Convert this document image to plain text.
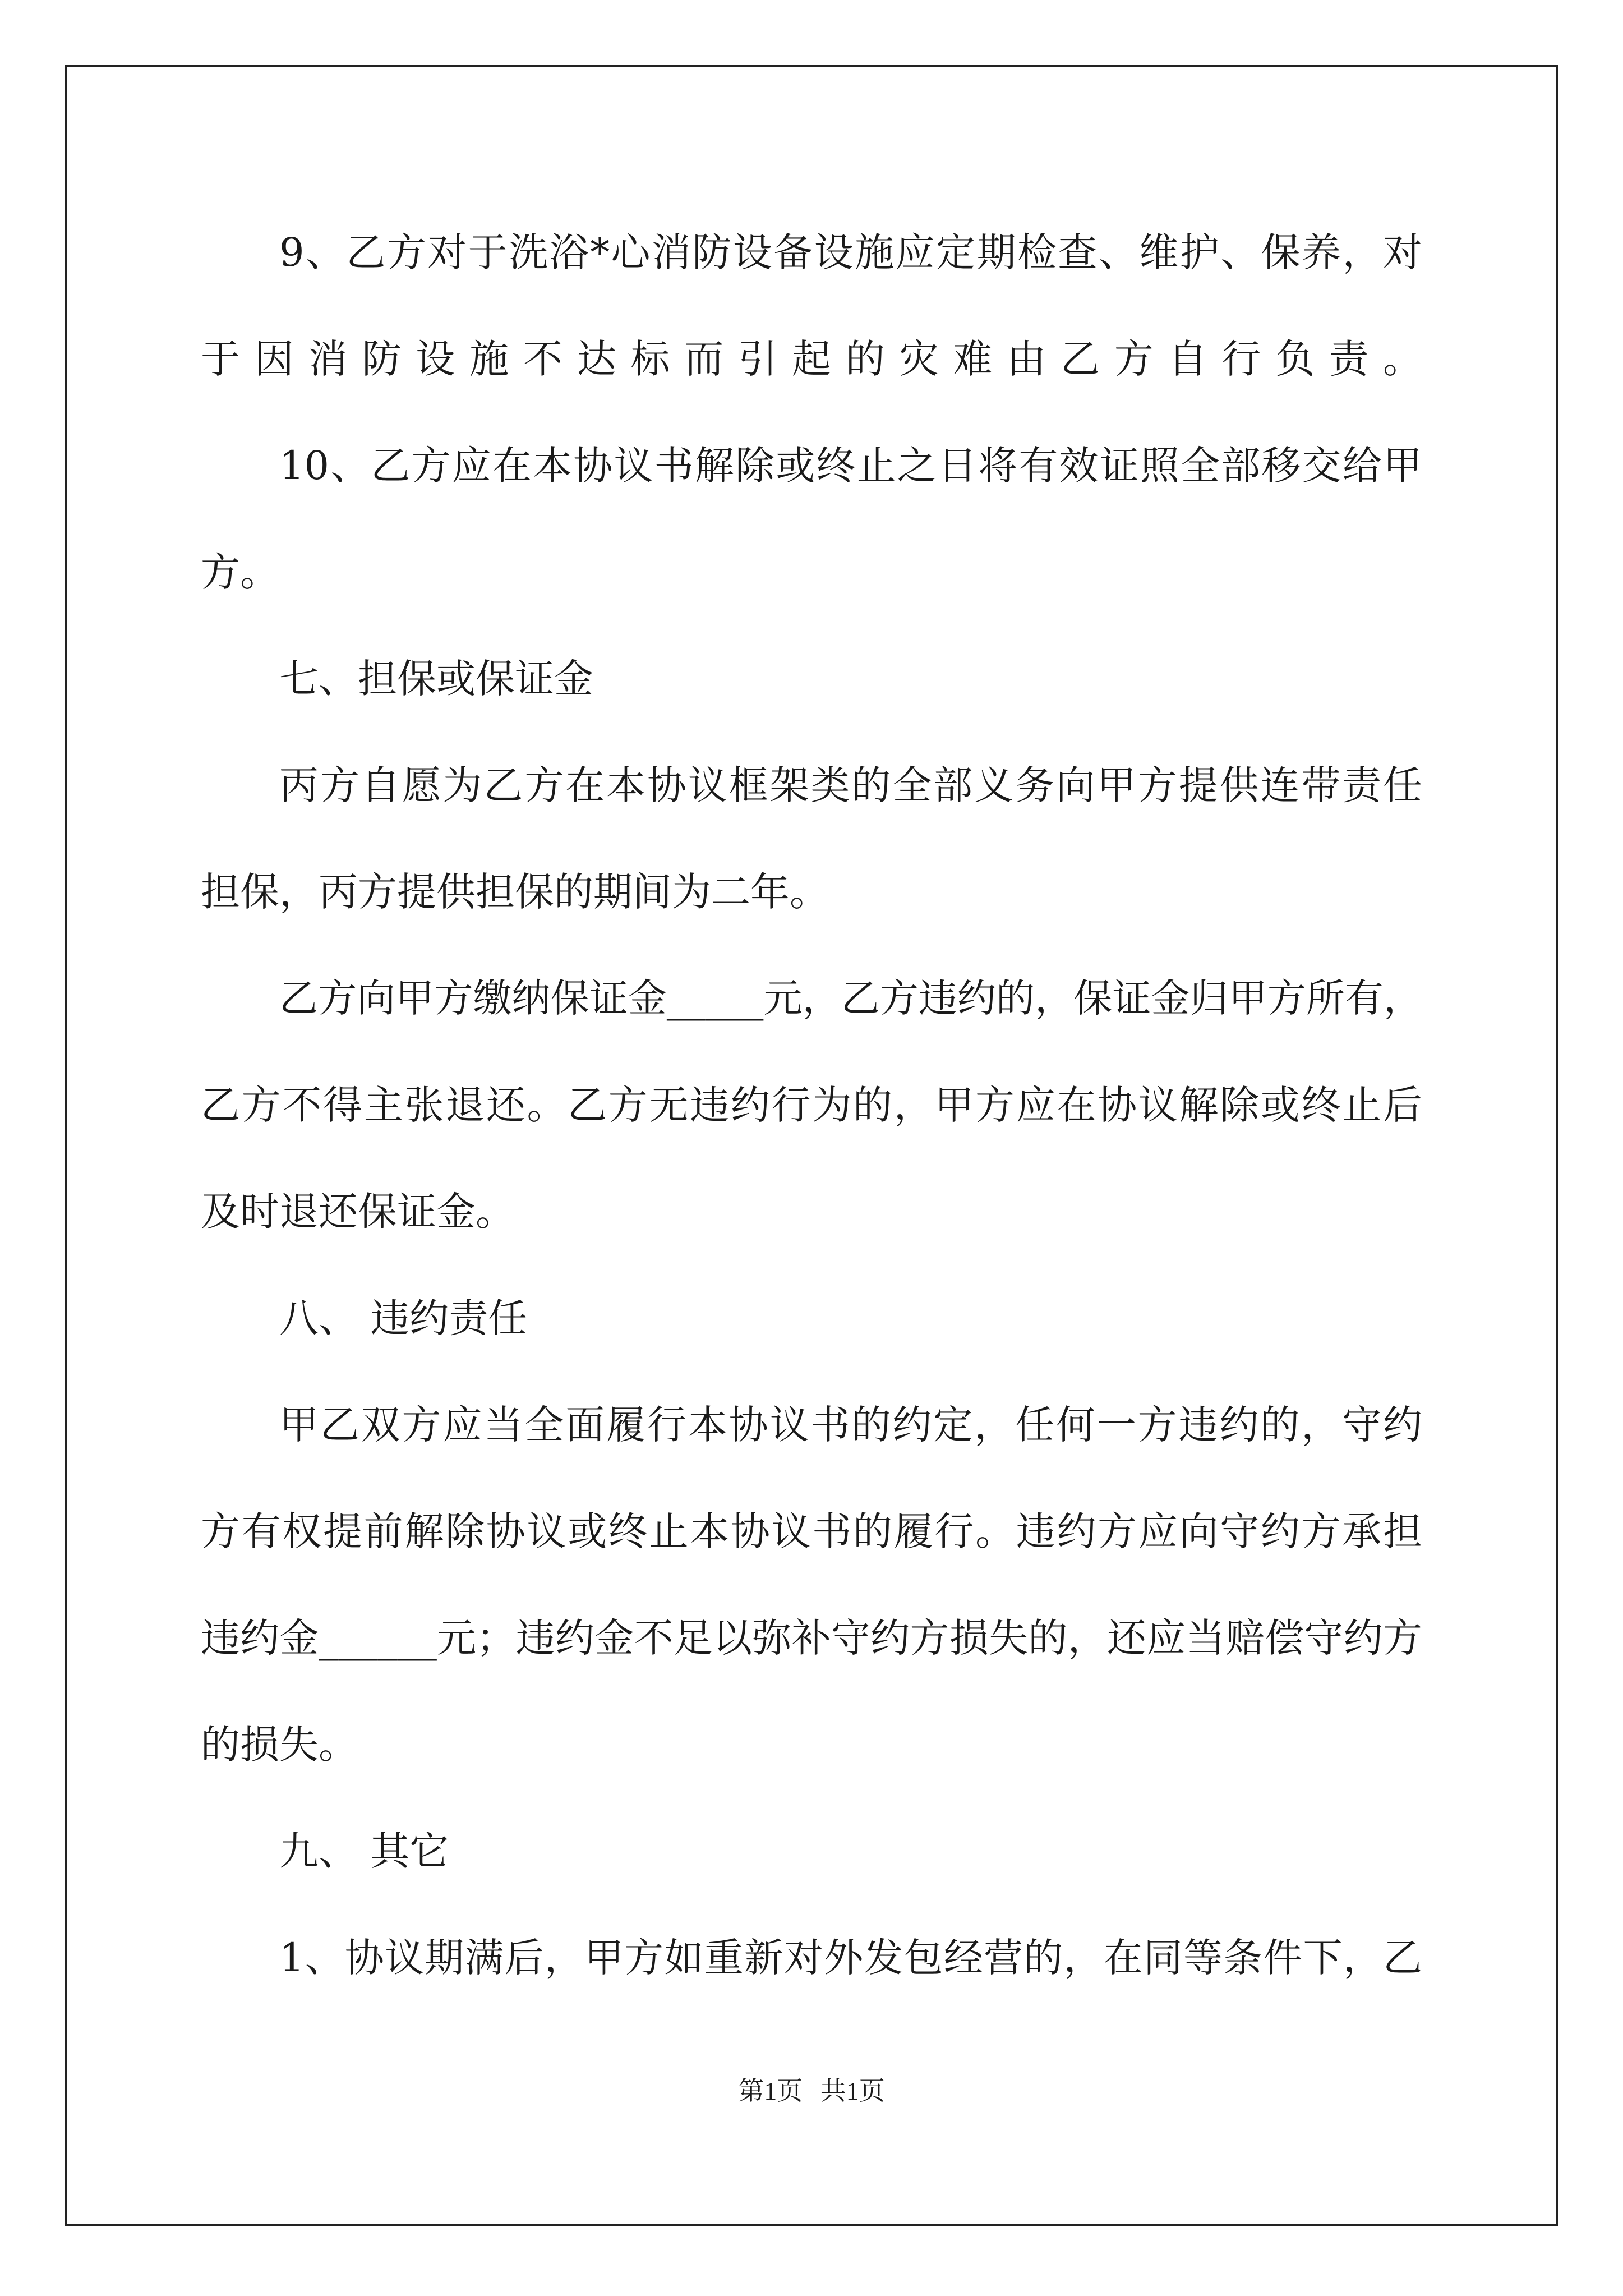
9、乙方对于洗浴*心消防设备设施应定期检查、维护、保养，对
于因消防设施不达标而引起的灾难由乙方自行负责。
10、乙方应在本协议书解除或终止之日将有效证照全部移交给甲
方。
七、担保或保证金
丙方自愿为乙方在本协议框架类的全部义务向甲方提供连带责任
担保，丙方提供担保的期间为二年。
乙方向甲方缴纳保证金_____元，乙方违约的，保证金归甲方所有，
乙方不得主张退还。乙方无违约行为的，甲方应在协议解除或终止后
及时退还保证金。
八、 违约责任
甲乙双方应当全面履行本协议书的约定，任何一方违约的，守约
方有权提前解除协议或终止本协议书的履行。违约方应向守约方承担
违约金______元；违约金不足以弥补守约方损失的，还应当赔偿守约方
的损失。
九、 其它
1、协议期满后，甲方如重新对外发包经营的，在同等条件下，乙
第1页 共1页
